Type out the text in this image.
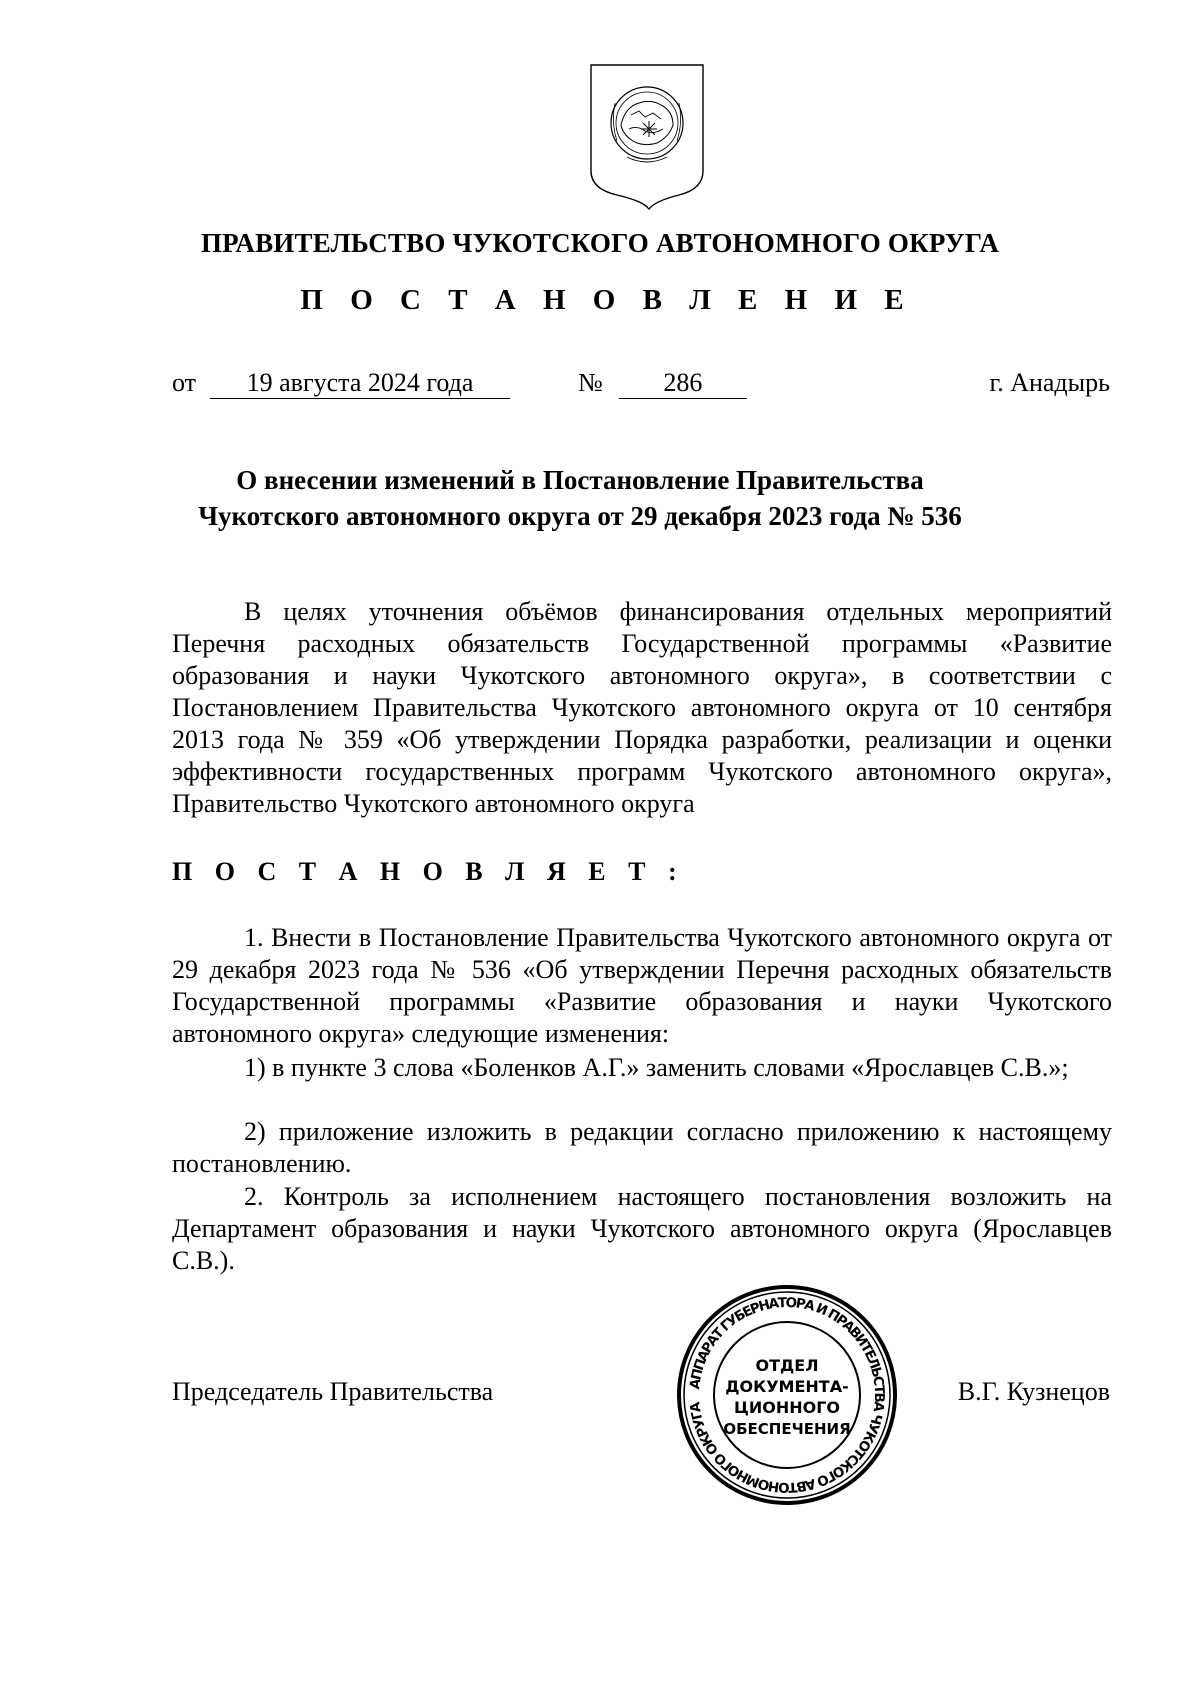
ПРАВИТЕЛЬСТВО ЧУКОТСКОГО АВТОНОМНОГО ОКРУГА
П О С Т А Н О В Л Е Н И Е
от 19 августа 2024 года	№ 286	г. Анадырь
О внесении изменений в Постановление Правительства
Чукотского автономного округа от 29 декабря 2023 года № 536

В целях уточнения объёмов финансирования отдельных мероприятий Перечня расходных обязательств Государственной программы «Развитие образования и науки Чукотского автономного округа», в соответствии с Постановлением Правительства Чукотского автономного округа от 10 сентября 2013 года № 359 «Об утверждении Порядка разработки, реализации и оценки эффективности государственных программ Чукотского автономного округа», Правительство Чукотского автономного округа

П О С Т А Н О В Л Я Е Т :

1. Внести в Постановление Правительства Чукотского автономного округа от 29 декабря 2023 года № 536 «Об утверждении Перечня расходных обязательств Государственной программы «Развитие образования и науки Чукотского автономного округа» следующие изменения:

1) в пункте 3 слова «Боленков А.Г.» заменить словами «Ярославцев С.В.»;

2) приложение изложить в редакции согласно приложению к настоящему постановлению.

2. Контроль за исполнением настоящего постановления возложить на Департамент образования и науки Чукотского автономного округа (Ярославцев С.В.).

Председатель Правительства	АППАРАТ ГУБЕРНАТОРА И ПРАВИТЕЛЬСТВА ЧУКОТСКОГО АВТОНОМНОГО ОКРУГА
ОТДЕЛ
ДОКУМЕНТА-
ЦИОННОГО
ОБЕСПЕЧЕНИЯ
В.Г. Кузнецов
